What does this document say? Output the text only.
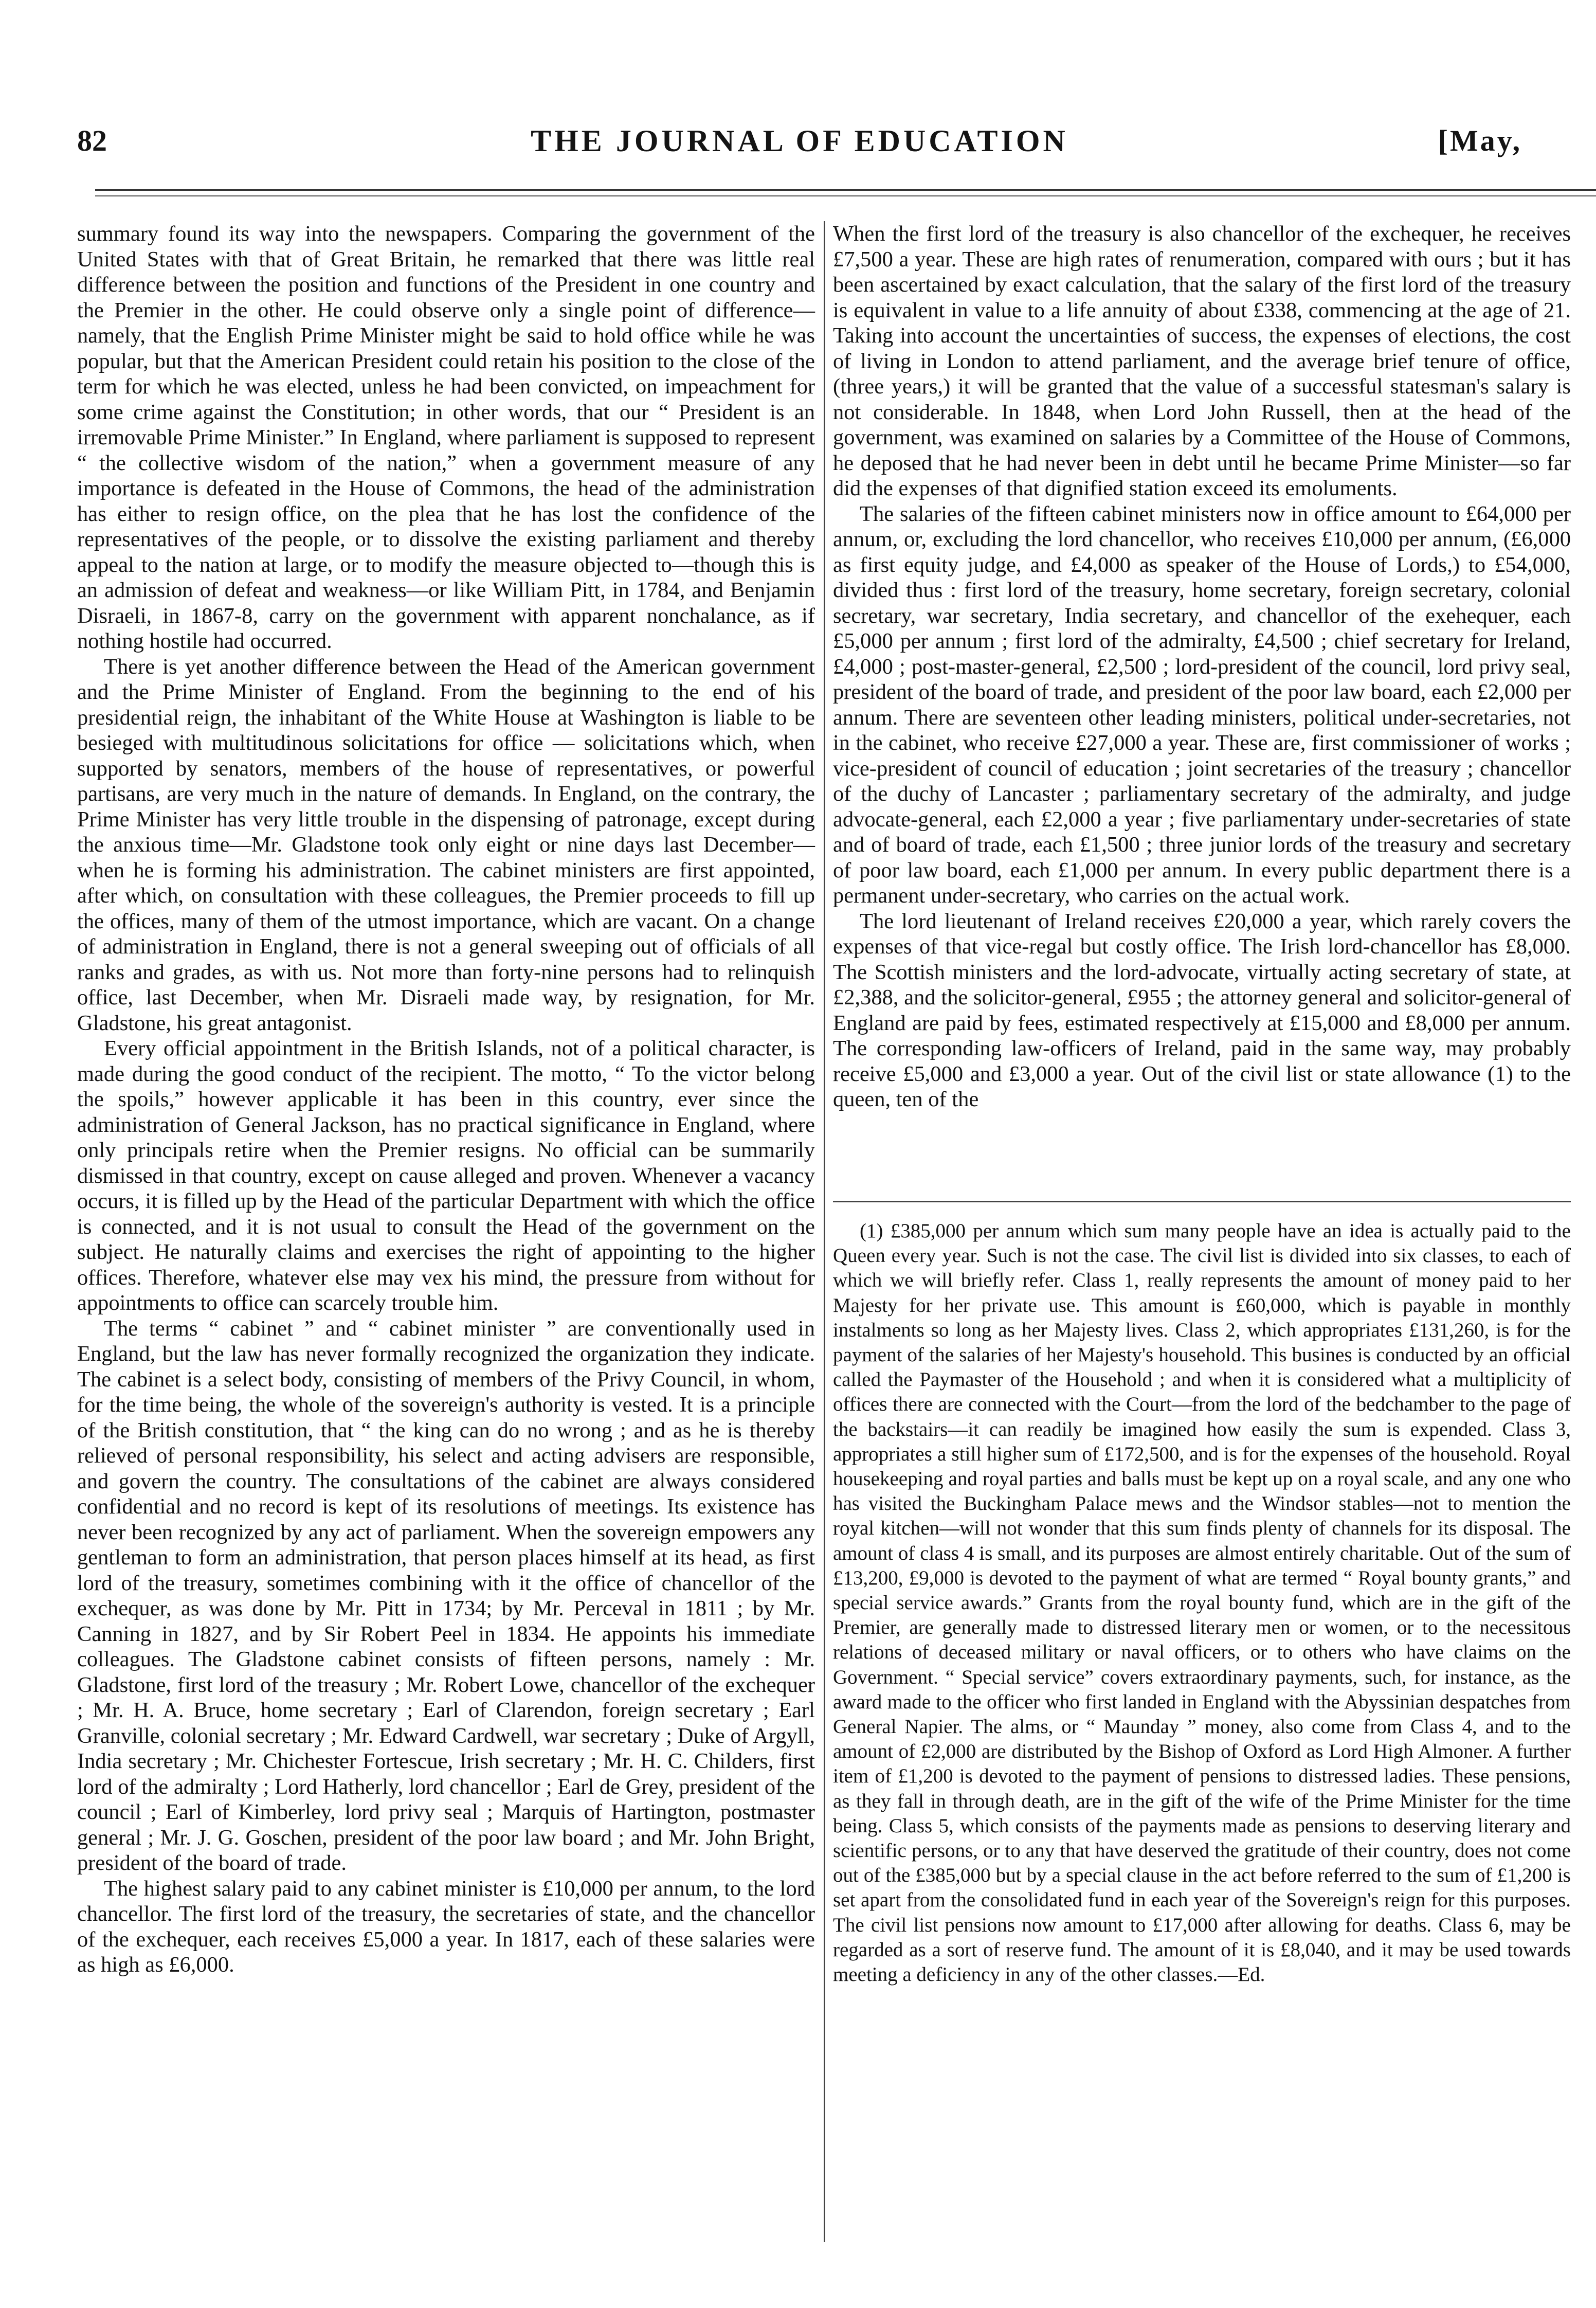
82	THE JOURNAL OF EDUCATION	[May,

summary found its way into the newspapers. Comparing the government of the United States with that of Great Britain, he remarked that there was little real difference between the position and functions of the President in one country and the Premier in the other. He could observe only a single point of difference—namely, that the English Prime Minister might be said to hold office while he was popular, but that the American President could retain his position to the close of the term for which he was elected, unless he had been convicted, on impeachment for some crime against the Constitution; in other words, that our “ President is an irremovable Prime Minister.” In England, where parliament is supposed to represent “ the collective wisdom of the nation,” when a government measure of any importance is defeated in the House of Commons, the head of the administration has either to resign office, on the plea that he has lost the confidence of the representatives of the people, or to dissolve the existing parliament and thereby appeal to the nation at large, or to modify the measure objected to—though this is an admission of defeat and weakness—or like William Pitt, in 1784, and Benjamin Disraeli, in 1867-8, carry on the government with apparent nonchalance, as if nothing hostile had occurred.

There is yet another difference between the Head of the American government and the Prime Minister of England. From the beginning to the end of his presidential reign, the inhabitant of the White House at Washington is liable to be besieged with multitudinous solicitations for office — solicitations which, when supported by senators, members of the house of representatives, or powerful partisans, are very much in the nature of demands. In England, on the contrary, the Prime Minister has very little trouble in the dispensing of patronage, except during the anxious time—Mr. Gladstone took only eight or nine days last December—when he is forming his administration. The cabinet ministers are first appointed, after which, on consultation with these colleagues, the Premier proceeds to fill up the offices, many of them of the utmost importance, which are vacant. On a change of administration in England, there is not a general sweeping out of officials of all ranks and grades, as with us. Not more than forty-nine persons had to relinquish office, last December, when Mr. Disraeli made way, by resignation, for Mr. Gladstone, his great antagonist.

Every official appointment in the British Islands, not of a political character, is made during the good conduct of the recipient. The motto, “ To the victor belong the spoils,” however applicable it has been in this country, ever since the administration of General Jackson, has no practical significance in England, where only principals retire when the Premier resigns. No official can be summarily dismissed in that country, except on cause alleged and proven. Whenever a vacancy occurs, it is filled up by the Head of the particular Department with which the office is connected, and it is not usual to consult the Head of the government on the subject. He naturally claims and exercises the right of appointing to the higher offices. Therefore, whatever else may vex his mind, the pressure from without for appointments to office can scarcely trouble him.

The terms “ cabinet ” and “ cabinet minister ” are conventionally used in England, but the law has never formally recognized the organization they indicate. The cabinet is a select body, consisting of members of the Privy Council, in whom, for the time being, the whole of the sovereign's authority is vested. It is a principle of the British constitution, that “ the king can do no wrong ; and as he is thereby relieved of personal responsibility, his select and acting advisers are responsible, and govern the country. The consultations of the cabinet are always considered confidential and no record is kept of its resolutions of meetings. Its existence has never been recognized by any act of parliament. When the sovereign empowers any gentleman to form an administration, that person places himself at its head, as first lord of the treasury, sometimes combining with it the office of chancellor of the exchequer, as was done by Mr. Pitt in 1734; by Mr. Perceval in 1811 ; by Mr. Canning in 1827, and by Sir Robert Peel in 1834. He appoints his immediate colleagues. The Gladstone cabinet consists of fifteen persons, namely : Mr. Gladstone, first lord of the treasury ; Mr. Robert Lowe, chancellor of the exchequer ; Mr. H. A. Bruce, home secretary ; Earl of Clarendon, foreign secretary ; Earl Granville, colonial secretary ; Mr. Edward Cardwell, war secretary ; Duke of Argyll, India secretary ; Mr. Chichester Fortescue, Irish secretary ; Mr. H. C. Childers, first lord of the admiralty ; Lord Hatherly, lord chancellor ; Earl de Grey, president of the council ; Earl of Kimberley, lord privy seal ; Marquis of Hartington, postmaster general ; Mr. J. G. Goschen, president of the poor law board ; and Mr. John Bright, president of the board of trade.

The highest salary paid to any cabinet minister is £10,000 per annum, to the lord chancellor. The first lord of the treasury, the secretaries of state, and the chancellor of the exchequer, each receives £5,000 a year. In 1817, each of these salaries were as high as £6,000.

When the first lord of the treasury is also chancellor of the exchequer, he receives £7,500 a year. These are high rates of renumeration, compared with ours ; but it has been ascertained by exact calculation, that the salary of the first lord of the treasury is equivalent in value to a life annuity of about £338, commencing at the age of 21. Taking into account the uncertainties of success, the expenses of elections, the cost of living in London to attend parliament, and the average brief tenure of office, (three years,) it will be granted that the value of a successful statesman's salary is not considerable. In 1848, when Lord John Russell, then at the head of the government, was examined on salaries by a Committee of the House of Commons, he deposed that he had never been in debt until he became Prime Minister—so far did the expenses of that dignified station exceed its emoluments.

The salaries of the fifteen cabinet ministers now in office amount to £64,000 per annum, or, excluding the lord chancellor, who receives £10,000 per annum, (£6,000 as first equity judge, and £4,000 as speaker of the House of Lords,) to £54,000, divided thus : first lord of the treasury, home secretary, foreign secretary, colonial secretary, war secretary, India secretary, and chancellor of the exehequer, each £5,000 per annum ; first lord of the admiralty, £4,500 ; chief secretary for Ireland, £4,000 ; post-master-general, £2,500 ; lord-president of the council, lord privy seal, president of the board of trade, and president of the poor law board, each £2,000 per annum. There are seventeen other leading ministers, political under-secretaries, not in the cabinet, who receive £27,000 a year. These are, first commissioner of works ; vice-president of council of education ; joint secretaries of the treasury ; chancellor of the duchy of Lancaster ; parliamentary secretary of the admiralty, and judge advocate-general, each £2,000 a year ; five parliamentary under-secretaries of state and of board of trade, each £1,500 ; three junior lords of the treasury and secretary of poor law board, each £1,000 per annum. In every public department there is a permanent under-secretary, who carries on the actual work.

The lord lieutenant of Ireland receives £20,000 a year, which rarely covers the expenses of that vice-regal but costly office. The Irish lord-chancellor has £8,000. The Scottish ministers and the lord-advocate, virtually acting secretary of state, at £2,388, and the solicitor-general, £955 ; the attorney general and solicitor-general of England are paid by fees, estimated respectively at £15,000 and £8,000 per annum. The corresponding law-officers of Ireland, paid in the same way, may probably receive £5,000 and £3,000 a year. Out of the civil list or state allowance (1) to the queen, ten of the

(1) £385,000 per annum which sum many people have an idea is actually paid to the Queen every year. Such is not the case. The civil list is divided into six classes, to each of which we will briefly refer. Class 1, really represents the amount of money paid to her Majesty for her private use. This amount is £60,000, which is payable in monthly instalments so long as her Majesty lives. Class 2, which appropriates £131,260, is for the payment of the salaries of her Majesty's household. This busines is conducted by an official called the Paymaster of the Household ; and when it is considered what a multiplicity of offices there are connected with the Court—from the lord of the bedchamber to the page of the backstairs—it can readily be imagined how easily the sum is expended. Class 3, appropriates a still higher sum of £172,500, and is for the expenses of the household. Royal housekeeping and royal parties and balls must be kept up on a royal scale, and any one who has visited the Buckingham Palace mews and the Windsor stables—not to mention the royal kitchen—will not wonder that this sum finds plenty of channels for its disposal. The amount of class 4 is small, and its purposes are almost entirely charitable. Out of the sum of £13,200, £9,000 is devoted to the payment of what are termed “ Royal bounty grants,” and special service awards.” Grants from the royal bounty fund, which are in the gift of the Premier, are generally made to distressed literary men or women, or to the necessitous relations of deceased military or naval officers, or to others who have claims on the Government. “ Special service” covers extraordinary payments, such, for instance, as the award made to the officer who first landed in England with the Abyssinian despatches from General Napier. The alms, or “ Maunday ” money, also come from Class 4, and to the amount of £2,000 are distributed by the Bishop of Oxford as Lord High Almoner. A further item of £1,200 is devoted to the payment of pensions to distressed ladies. These pensions, as they fall in through death, are in the gift of the wife of the Prime Minister for the time being. Class 5, which consists of the payments made as pensions to deserving literary and scientific persons, or to any that have deserved the gratitude of their country, does not come out of the £385,000 but by a special clause in the act before referred to the sum of £1,200 is set apart from the consolidated fund in each year of the Sovereign's reign for this purposes. The civil list pensions now amount to £17,000 after allowing for deaths. Class 6, may be regarded as a sort of reserve fund. The amount of it is £8,040, and it may be used towards meeting a deficiency in any of the other classes.—Ed.
